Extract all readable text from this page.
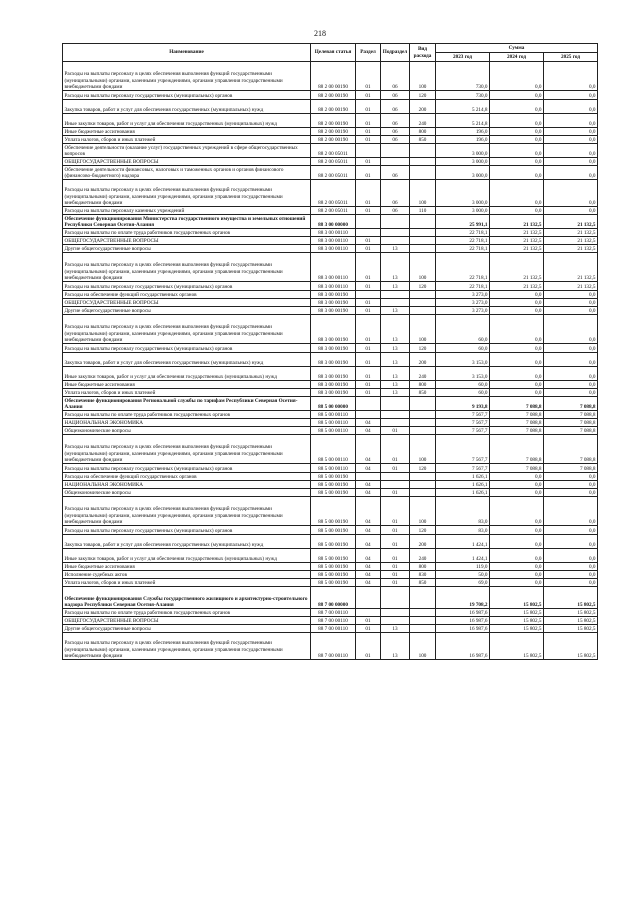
218
Наименование	Целевая статья	Раздел	Подраздел	Вид расхода	Сумма		
					2023 год	2024 год	2025 год
Расходы на выплаты персоналу в целях обеспечения выполнения функций государственными (муниципальными) органами, казенными учреждениями, органами управления государственными внебюджетными фондами	88 2 00 00190	01	06	100	730,0	0,0	0,0
Расходы на выплаты персоналу государственных (муниципальных) органов	88 2 00 00190	01	06	120	730,0	0,0	0,0
Закупка товаров, работ и услуг для обеспечения государственных (муниципальных) нужд	88 2 00 00190	01	06	200	5 214,8	0,0	0,0
Иные закупки товаров, работ и услуг для обеспечения государственных (муниципальных) нужд	88 2 00 00190	01	06	240	5 214,8	0,0	0,0
Иные бюджетные ассигнования	88 2 00 00190	01	06	800	196,0	0,0	0,0
Уплата налогов, сборов и иных платежей	88 2 00 00190	01	06	850	196,0	0,0	0,0
Обеспечение деятельности (оказание услуг) государственных учреждений в сфере общегосударственных вопросов	88 2 00 05011				3 000,0	0,0	0,0
ОБЩЕГОСУДАРСТВЕННЫЕ ВОПРОСЫ	88 2 00 05011	01			3 000,0	0,0	0,0
Обеспечение деятельности финансовых, налоговых и таможенных органов и органов финансового (финансово-бюджетного) надзора	88 2 00 05011	01	06		3 000,0	0,0	0,0
Расходы на выплаты персоналу в целях обеспечения выполнения функций государственными (муниципальными) органами, казенными учреждениями, органами управления государственными внебюджетными фондами	88 2 00 05011	01	06	100	3 000,0	0,0	0,0
Расходы на выплаты персоналу казенных учреждений	88 2 00 05011	01	06	110	3 000,0	0,0	0,0
Обеспечение функционирования Министерства государственного имущества и земельных отношений Республики Северная Осетия-Алания	88 3 00 00000				25 991,1	21 132,5	21 132,5
Расходы на выплаты по оплате труда работников государственных органов	88 3 00 00110				22 718,1	21 132,5	21 132,5
ОБЩЕГОСУДАРСТВЕННЫЕ ВОПРОСЫ	88 3 00 00110	01			22 718,1	21 132,5	21 132,5
Другие общегосударственные вопросы	88 3 00 00110	01	13		22 718,1	21 132,5	21 132,5
Расходы на выплаты персоналу в целях обеспечения выполнения функций государственными (муниципальными) органами, казенными учреждениями, органами управления государственными внебюджетными фондами	88 3 00 00110	01	13	100	22 718,1	21 132,5	21 132,5
Расходы на выплаты персоналу государственных (муниципальных) органов	88 3 00 00110	01	13	120	22 718,1	21 132,5	21 132,5
Расходы на обеспечение функций государственных органов	88 3 00 00190				3 273,0	0,0	0,0
ОБЩЕГОСУДАРСТВЕННЫЕ ВОПРОСЫ	88 3 00 00190	01			3 273,0	0,0	0,0
Другие общегосударственные вопросы	88 3 00 00190	01	13		3 273,0	0,0	0,0
Расходы на выплаты персоналу в целях обеспечения выполнения функций государственными (муниципальными) органами, казенными учреждениями, органами управления государственными внебюджетными фондами	88 3 00 00190	01	13	100	60,0	0,0	0,0
Расходы на выплаты персоналу государственных (муниципальных) органов	88 3 00 00190	01	13	120	60,0	0,0	0,0
Закупка товаров, работ и услуг для обеспечения государственных (муниципальных) нужд	88 3 00 00190	01	13	200	3 153,0	0,0	0,0
Иные закупки товаров, работ и услуг для обеспечения государственных (муниципальных) нужд	88 3 00 00190	01	13	240	3 153,0	0,0	0,0
Иные бюджетные ассигнования	88 3 00 00190	01	13	800	60,0	0,0	0,0
Уплата налогов, сборов и иных платежей	88 3 00 00190	01	13	850	60,0	0,0	0,0
Обеспечение функционирования Региональной службы по тарифам Республики Северная Осетия-Алания	88 5 00 00000				9 193,8	7 088,8	7 088,8
Расходы на выплаты по оплате труда работников государственных органов	88 5 00 00110				7 567,7	7 088,8	7 088,8
НАЦИОНАЛЬНАЯ ЭКОНОМИКА	88 5 00 00110	04			7 567,7	7 088,8	7 088,8
Общеэкономические вопросы	88 5 00 00110	04	01		7 567,7	7 088,8	7 088,8
Расходы на выплаты персоналу в целях обеспечения выполнения функций государственными (муниципальными) органами, казенными учреждениями, органами управления государственными внебюджетными фондами	88 5 00 00110	04	01	100	7 567,7	7 088,8	7 088,8
Расходы на выплаты персоналу государственных (муниципальных) органов	88 5 00 00110	04	01	120	7 567,7	7 088,8	7 088,8
Расходы на обеспечение функций государственных органов	88 5 00 00190				1 626,1	0,0	0,0
НАЦИОНАЛЬНАЯ ЭКОНОМИКА	88 5 00 00190	04			1 626,1	0,0	0,0
Общеэкономические вопросы	88 5 00 00190	04	01		1 626,1	0,0	0,0
Расходы на выплаты персоналу в целях обеспечения выполнения функций государственными (муниципальными) органами, казенными учреждениями, органами управления государственными внебюджетными фондами	88 5 00 00190	04	01	100	83,0	0,0	0,0
Расходы на выплаты персоналу государственных (муниципальных) органов	88 5 00 00190	04	01	120	83,0	0,0	0,0
Закупка товаров, работ и услуг для обеспечения государственных (муниципальных) нужд	88 5 00 00190	04	01	200	1 424,1	0,0	0,0
Иные закупки товаров, работ и услуг для обеспечения государственных (муниципальных) нужд	88 5 00 00190	04	01	240	1 424,1	0,0	0,0
Иные бюджетные ассигнования	88 5 00 00190	04	01	800	119,0	0,0	0,0
Исполнение судебных актов	88 5 00 00190	04	01	830	50,0	0,0	0,0
Уплата налогов, сборов и иных платежей	88 5 00 00190	04	01	850	69,0	0,0	0,0
Обеспечение функционирования Службы государственного жилищного и архитектурно-строительного надзора Республики Северная Осетия-Алания	88 7 00 00000				19 708,2	15 802,5	15 802,5
Расходы на выплаты по оплате труда работников государственных органов	88 7 00 00110				16 987,6	15 802,5	15 802,5
ОБЩЕГОСУДАРСТВЕННЫЕ ВОПРОСЫ	88 7 00 00110	01			16 987,6	15 802,5	15 802,5
Другие общегосударственные вопросы	88 7 00 00110	01	13		16 987,6	15 802,5	15 802,5
Расходы на выплаты персоналу в целях обеспечения выполнения функций государственными (муниципальными) органами, казенными учреждениями, органами управления государственными внебюджетными фондами	88 7 00 00110	01	13	100	16 987,6	15 802,5	15 802,5
